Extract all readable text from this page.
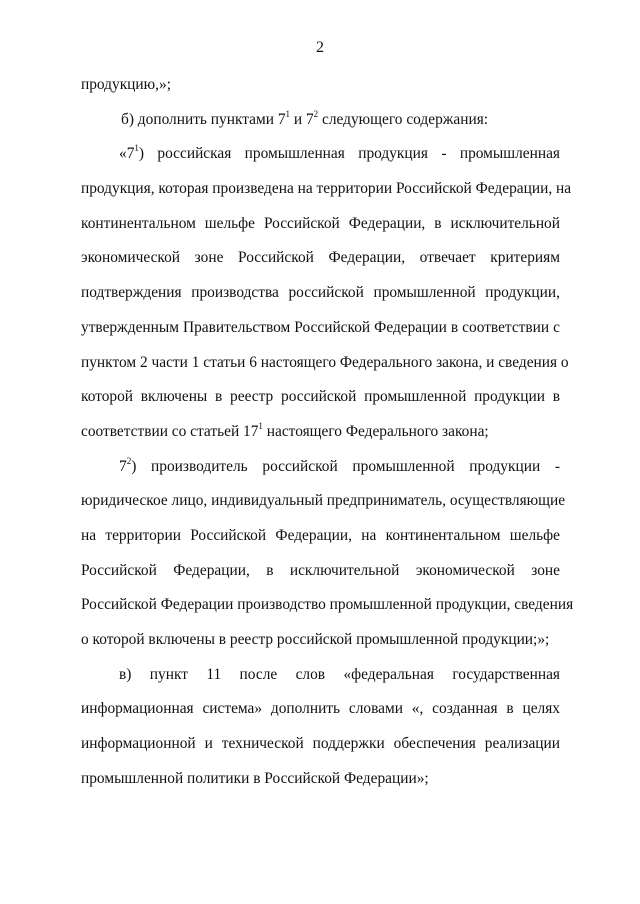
2
продукцию,»;
б) дополнить пунктами $7^1$ и $7^2$ следующего содержания:
«$7^1$) российская промышленная продукция - промышленная
продукция, которая произведена на территории Российской Федерации, на
континентальном шельфе Российской Федерации, в исключительной
экономической зоне Российской Федерации, отвечает критериям
подтверждения производства российской промышленной продукции,
утвержденным Правительством Российской Федерации в соответствии с
пунктом 2 части 1 статьи 6 настоящего Федерального закона, и сведения о
которой включены в реестр российской промышленной продукции в
соответствии со статьей $17^1$ настоящего Федерального закона;
$7^2$) производитель российской промышленной продукции -
юридическое лицо, индивидуальный предприниматель, осуществляющие
на территории Российской Федерации, на континентальном шельфе
Российской Федерации, в исключительной экономической зоне
Российской Федерации производство промышленной продукции, сведения
о которой включены в реестр российской промышленной продукции;»;
в) пункт 11 после слов «федеральная государственная
информационная система» дополнить словами «, созданная в целях
информационной и технической поддержки обеспечения реализации
промышленной политики в Российской Федерации»;
